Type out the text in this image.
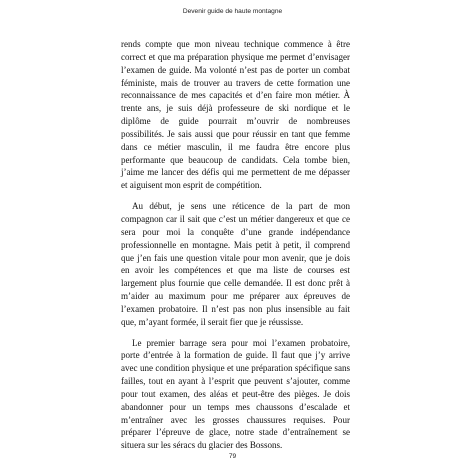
Devenir guide de haute montagne

rends compte que mon niveau technique commence à être correct et que ma préparation physique me permet d’envisager l’examen de guide. Ma volonté n’est pas de porter un combat féministe, mais de trouver au travers de cette formation une reconnaissance de mes capacités et d’en faire mon métier. À trente ans, je suis déjà professeure de ski nordique et le diplôme de guide pourrait m’ouvrir de nombreuses possibilités. Je sais aussi que pour réussir en tant que femme dans ce métier masculin, il me faudra être encore plus performante que beaucoup de candidats. Cela tombe bien, j’aime me lancer des défis qui me permettent de me dépasser et aiguisent mon esprit de compétition.

Au début, je sens une réticence de la part de mon compagnon car il sait que c’est un métier dangereux et que ce sera pour moi la conquête d’une grande indépendance professionnelle en montagne. Mais petit à petit, il comprend que j’en fais une question vitale pour mon avenir, que je dois en avoir les compétences et que ma liste de courses est largement plus fournie que celle demandée. Il est donc prêt à m’aider au maximum pour me préparer aux épreuves de l’examen probatoire. Il n’est pas non plus insensible au fait que, m’ayant formée, il serait fier que je réussisse.

Le premier barrage sera pour moi l’examen probatoire, porte d’entrée à la formation de guide. Il faut que j’y arrive avec une condition physique et une préparation spécifique sans failles, tout en ayant à l’esprit que peuvent s’ajouter, comme pour tout examen, des aléas et peut-être des pièges. Je dois abandonner pour un temps mes chaussons d’escalade et m’entraîner avec les grosses chaussures requises. Pour préparer l’épreuve de glace, notre stade d’entraînement se situera sur les séracs du glacier des Bossons.

79
